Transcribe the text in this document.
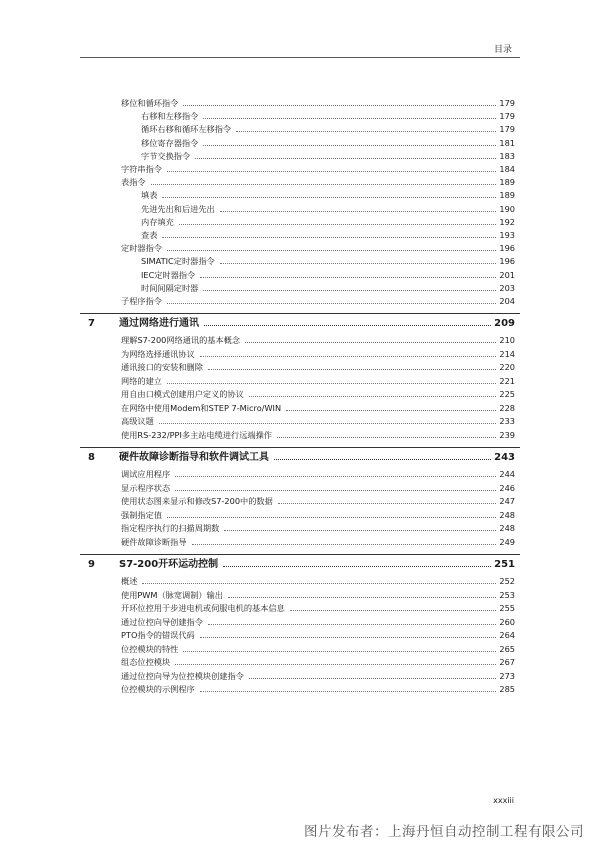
目录
移位和循环指令	179
右移和左移指令	179
循环右移和循环左移指令	179
移位寄存器指令	181
字节交换指令	183
字符串指令	184
表指令	189
填表	189
先进先出和后进先出	190
内存填充	192
查表	193
定时器指令	196
SIMATIC定时器指令	196
IEC定时器指令	201
时间间隔定时器	203
子程序指令	204
7 通过网络进行通讯	209
理解S7-200网络通讯的基本概念	210
为网络选择通讯协议	214
通讯接口的安装和删除	220
网络的建立	221
用自由口模式创建用户定义的协议	225
在网络中使用Modem和STEP 7-Micro/WIN	228
高级议题	233
使用RS-232/PPI多主站电缆进行远端操作	239
8 硬件故障诊断指导和软件调试工具	243
调试应用程序	244
显示程序状态	246
使用状态图来显示和修改S7-200中的数据	247
强制指定值	248
指定程序执行的扫描周期数	248
硬件故障诊断指导	249
9 S7-200开环运动控制	251
概述	252
使用PWM（脉宽调制）输出	253
开环位控用于步进电机或伺服电机的基本信息	255
通过位控向导创建指令	260
PTO指令的错误代码	264
位控模块的特性	265
组态位控模块	267
通过位控向导为位控模块创建指令	273
位控模块的示例程序	285
xxxiii
图片发布者：上海丹恒自动控制工程有限公司
